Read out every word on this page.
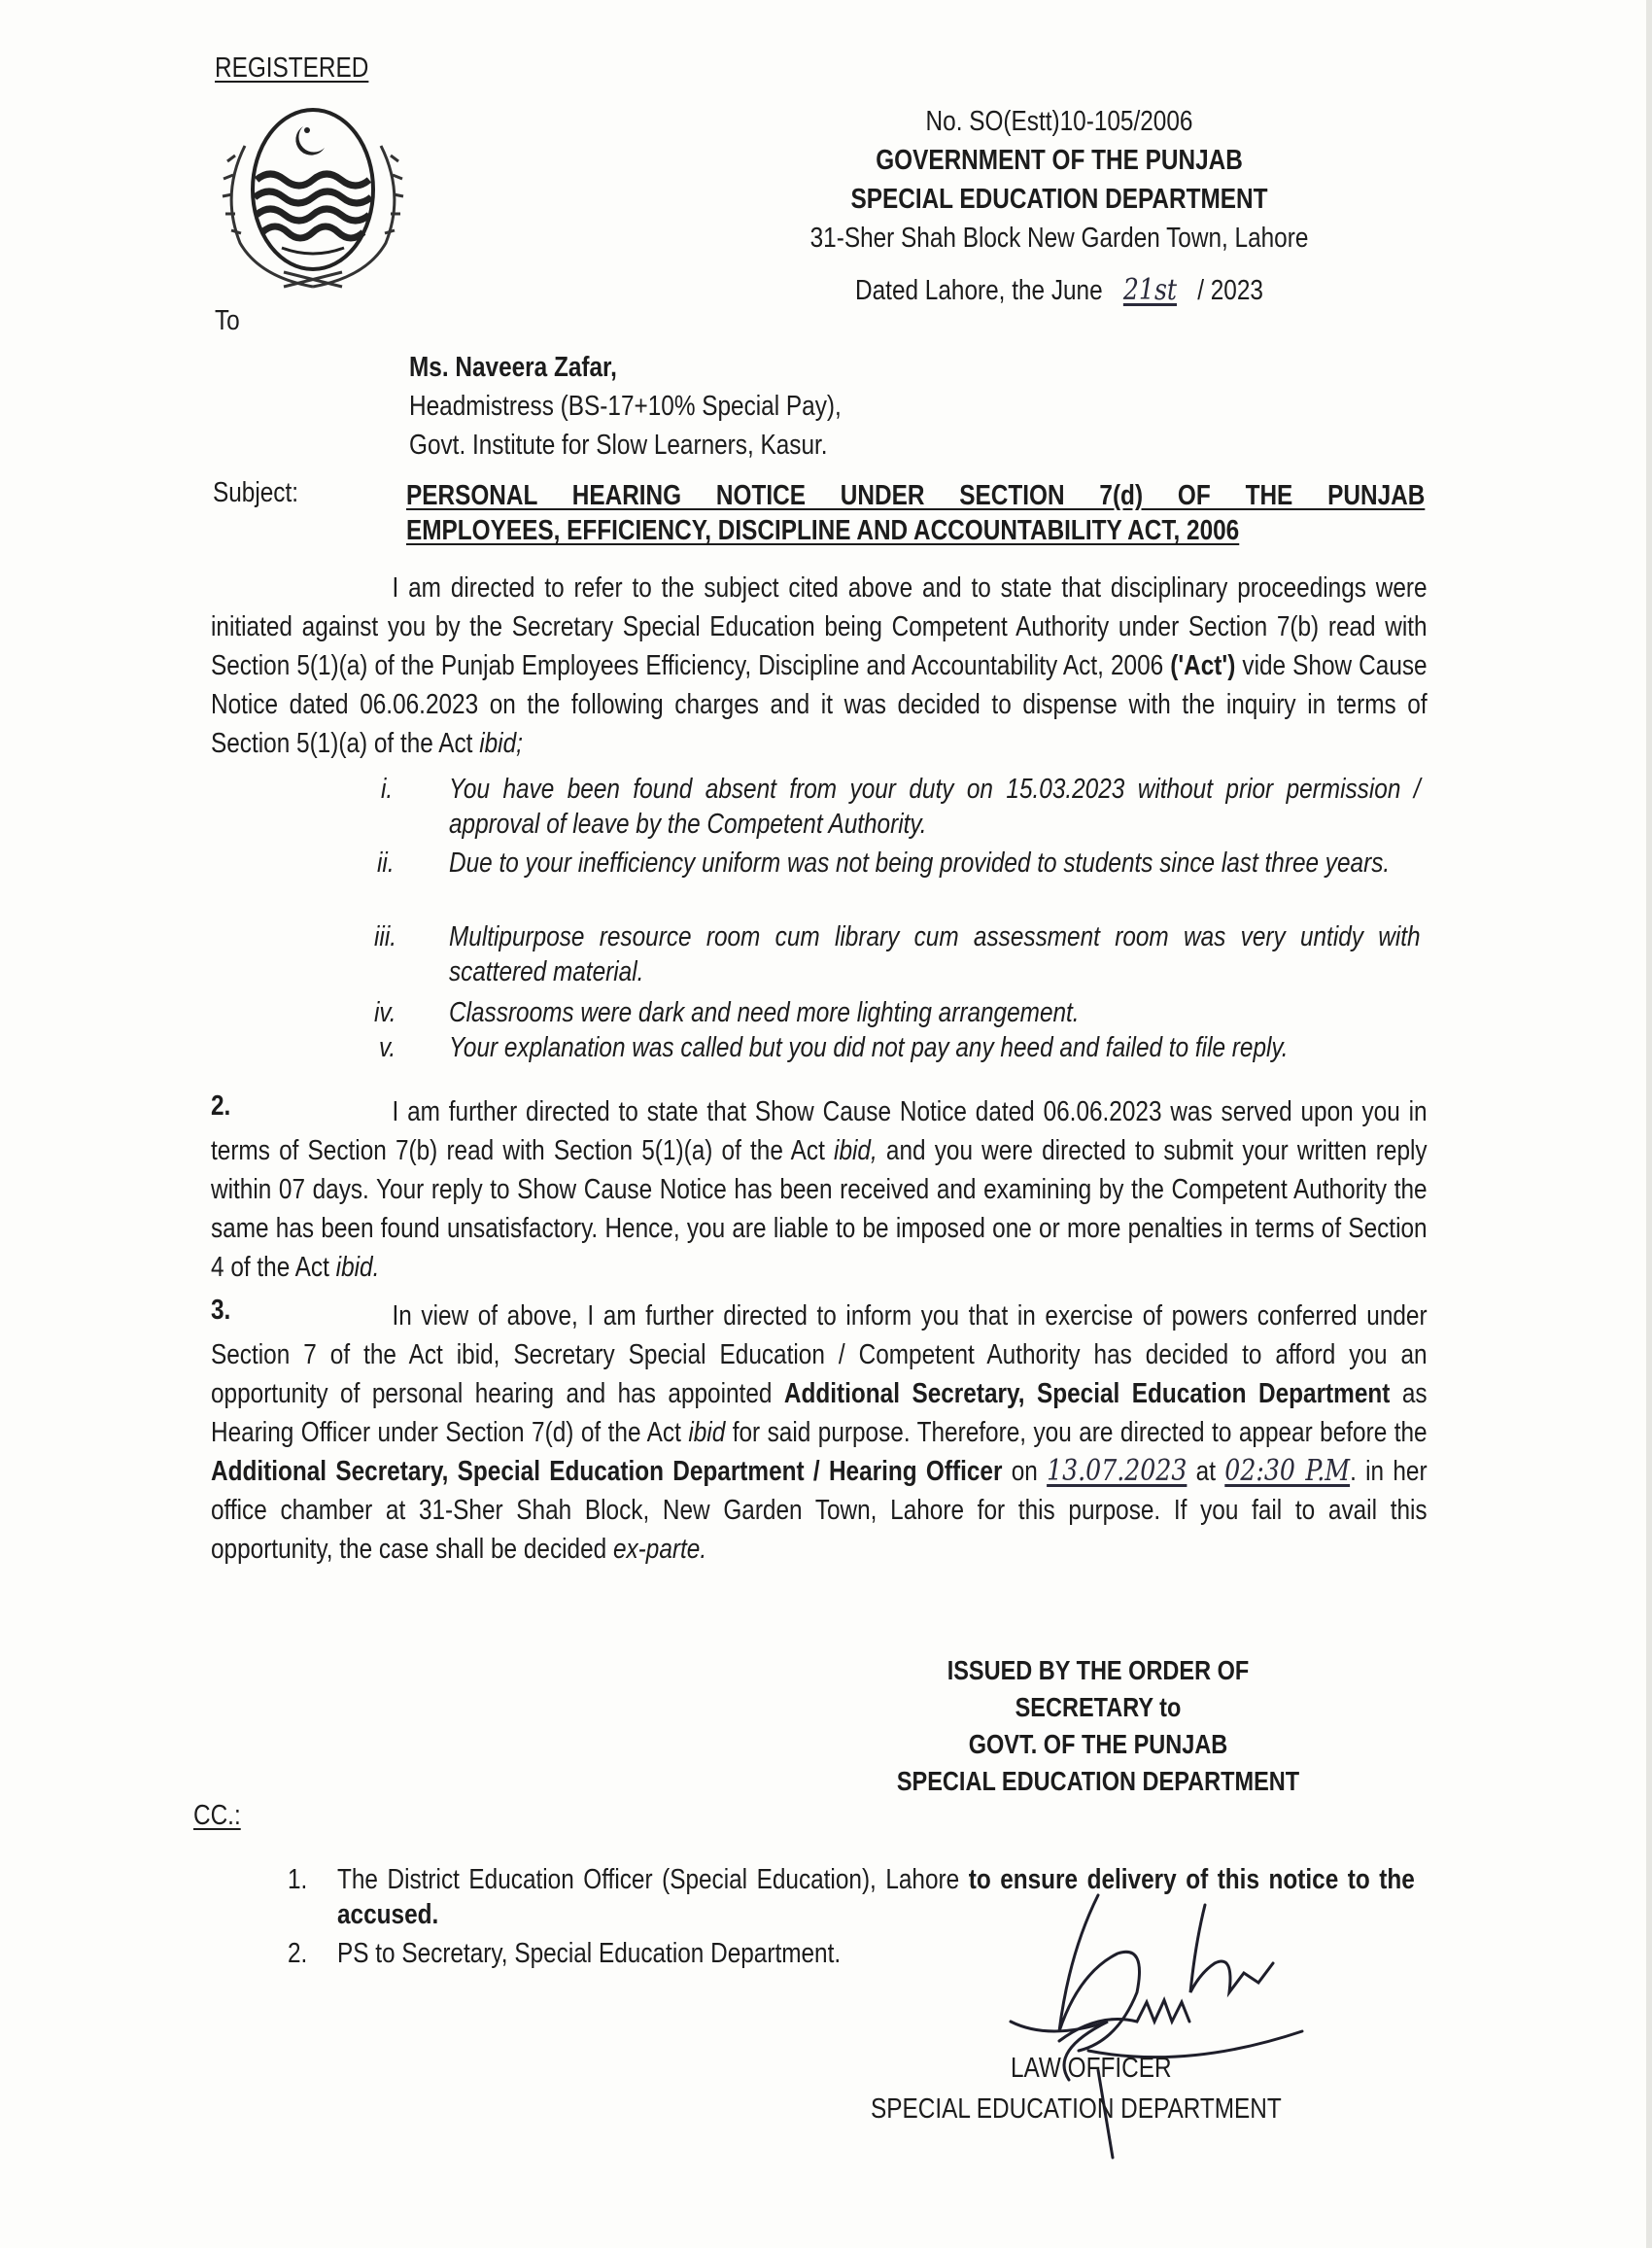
REGISTERED
No. SO(Estt)10-105/2006
GOVERNMENT OF THE PUNJAB
SPECIAL EDUCATION DEPARTMENT
31-Sher Shah Block New Garden Town, Lahore
Dated Lahore, the June 21st / 2023
To
Ms. Naveera Zafar,
Headmistress (BS-17+10% Special Pay),
Govt. Institute for Slow Learners, Kasur.
Subject:	PERSONAL HEARING NOTICE UNDER SECTION 7(d) OF THE PUNJAB
EMPLOYEES, EFFICIENCY, DISCIPLINE AND ACCOUNTABILITY ACT, 2006
I am directed to refer to the subject cited above and to state that disciplinary proceedings were initiated against you by the Secretary Special Education being Competent Authority under Section 7(b) read with Section 5(1)(a) of the Punjab Employees Efficiency, Discipline and Accountability Act, 2006 ('Act') vide Show Cause Notice dated 06.06.2023 on the following charges and it was decided to dispense with the inquiry in terms of Section 5(1)(a) of the Act ibid;
i. You have been found absent from your duty on 15.03.2023 without prior permission / approval of leave by the Competent Authority.
ii. Due to your inefficiency uniform was not being provided to students since last three years.
iii. Multipurpose resource room cum library cum assessment room was very untidy with scattered material.
iv. Classrooms were dark and need more lighting arrangement.
v. Your explanation was called but you did not pay any heed and failed to file reply.
2.	I am further directed to state that Show Cause Notice dated 06.06.2023 was served upon you in terms of Section 7(b) read with Section 5(1)(a) of the Act ibid, and you were directed to submit your written reply within 07 days. Your reply to Show Cause Notice has been received and examining by the Competent Authority the same has been found unsatisfactory. Hence, you are liable to be imposed one or more penalties in terms of Section 4 of the Act ibid.
3.	In view of above, I am further directed to inform you that in exercise of powers conferred under Section 7 of the Act ibid, Secretary Special Education / Competent Authority has decided to afford you an opportunity of personal hearing and has appointed Additional Secretary, Special Education Department as Hearing Officer under Section 7(d) of the Act ibid for said purpose. Therefore, you are directed to appear before the Additional Secretary, Special Education Department / Hearing Officer on 13.07.2023 at 02:30 P.M. in her office chamber at 31-Sher Shah Block, New Garden Town, Lahore for this purpose. If you fail to avail this opportunity, the case shall be decided ex-parte.
ISSUED BY THE ORDER OF
SECRETARY to
GOVT. OF THE PUNJAB
SPECIAL EDUCATION DEPARTMENT
CC.:
1. The District Education Officer (Special Education), Lahore to ensure delivery of this notice to the accused.
2. PS to Secretary, Special Education Department.
LAW OFFICER
SPECIAL EDUCATION DEPARTMENT
